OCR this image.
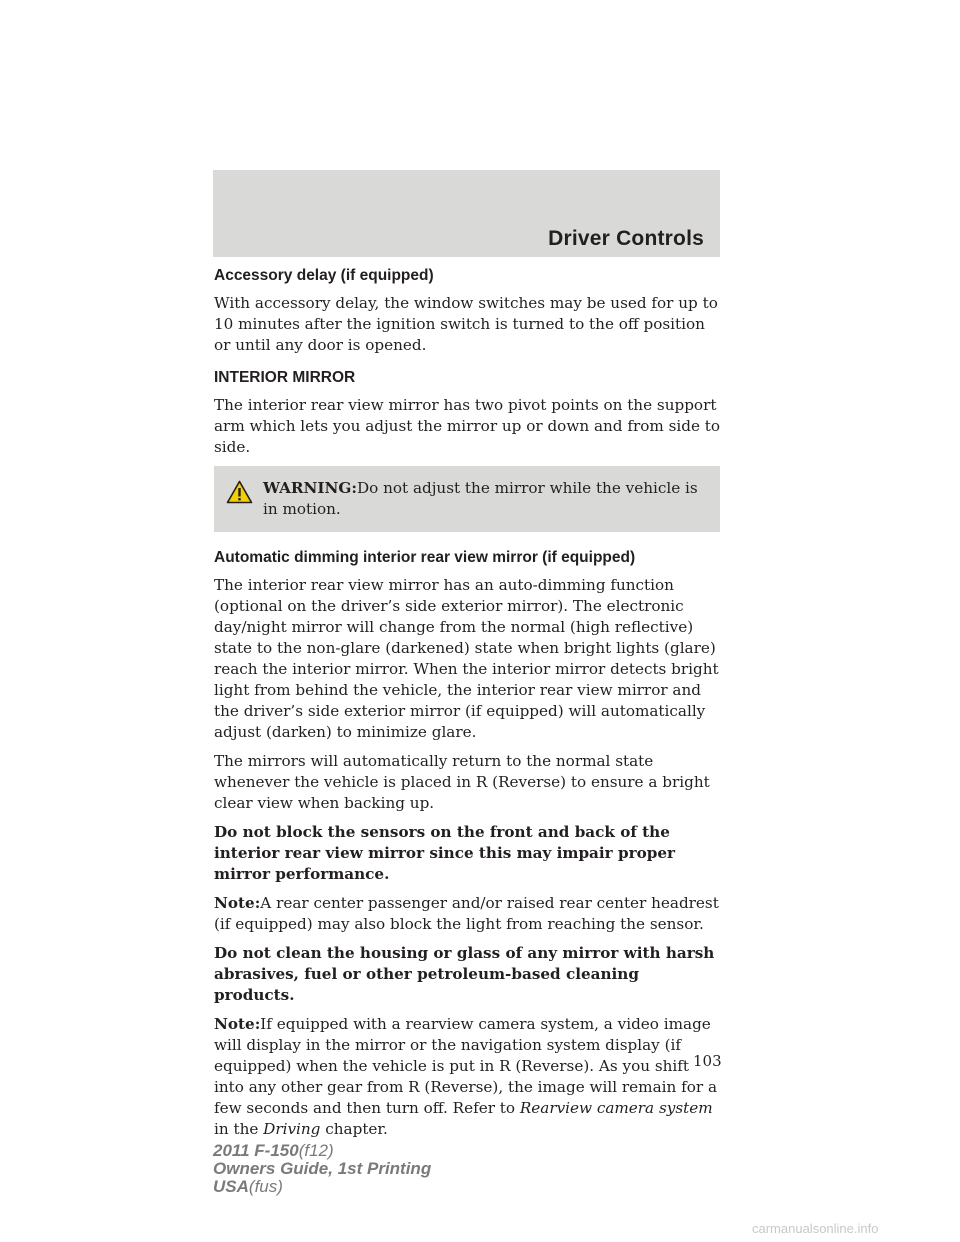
Driver Controls
Accessory delay (if equipped)

With accessory delay, the window switches may be used for up to 10 minutes after the ignition switch is turned to the off position or until any door is opened.

INTERIOR MIRROR

The interior rear view mirror has two pivot points on the support arm which lets you adjust the mirror up or down and from side to side.

WARNING:Do not adjust the mirror while the vehicle is in motion.
Automatic dimming interior rear view mirror (if equipped)

The interior rear view mirror has an auto-dimming function (optional on the driver’s side exterior mirror). The electronic day/night mirror will change from the normal (high reflective) state to the non-glare (darkened) state when bright lights (glare) reach the interior mirror. When the interior mirror detects bright light from behind the vehicle, the interior rear view mirror and the driver’s side exterior mirror (if equipped) will automatically adjust (darken) to minimize glare.

The mirrors will automatically return to the normal state whenever the vehicle is placed in R (Reverse) to ensure a bright clear view when backing up.

Do not block the sensors on the front and back of the interior rear view mirror since this may impair proper mirror performance.

Note:A rear center passenger and/or raised rear center headrest (if equipped) may also block the light from reaching the sensor.

Do not clean the housing or glass of any mirror with harsh abrasives, fuel or other petroleum-based cleaning products.

Note:If equipped with a rearview camera system, a video image will display in the mirror or the navigation system display (if equipped) when the vehicle is put in R (Reverse). As you shift into any other gear from R (Reverse), the image will remain for a few seconds and then turn off. Refer to Rearview camera system in the Driving chapter.

103
2011 F-150(f12)
Owners Guide, 1st Printing
USA(fus)
carmanualsonline.info
